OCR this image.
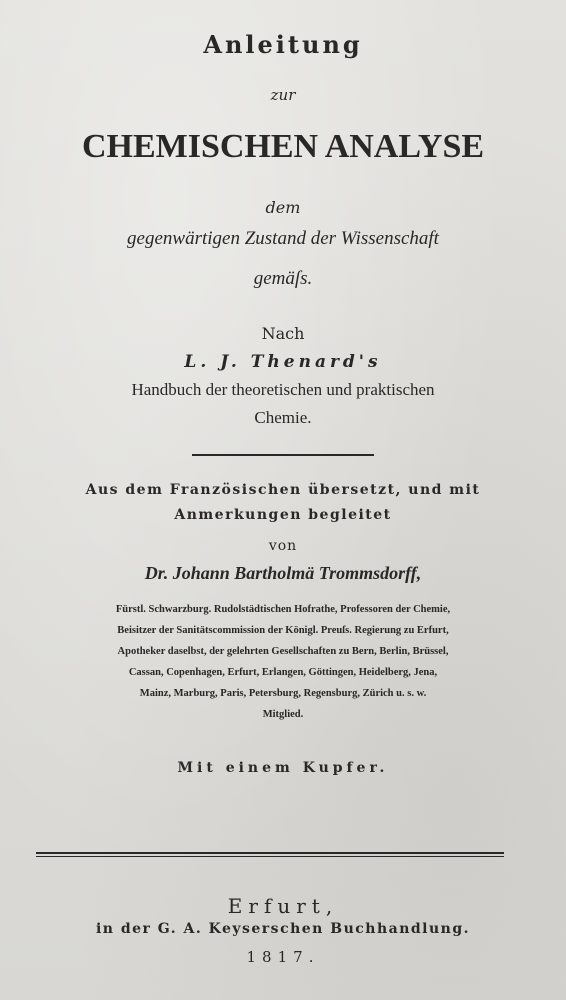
Anleitung
zur
CHEMISCHEN ANALYSE
dem
gegenwärtigen Zustand der Wissenschaft
gemäſs.
Nach
L. J. Thenard's
Handbuch der theoretischen und praktischen
Chemie.
Aus dem Französischen übersetzt, und mit
Anmerkungen begleitet
von
Dr. Johann Bartholmä Trommsdorff,
Fürstl. Schwarzburg. Rudolstädtischen Hofrathe, Professoren der Chemie,
Beisitzer der Sanitätscommission der Königl. Preuſs. Regierung zu Erfurt,
Apotheker daselbst, der gelehrten Gesellschaften zu Bern, Berlin, Brüssel,
Cassan, Copenhagen, Erfurt, Erlangen, Göttingen, Heidelberg, Jena,
Mainz, Marburg, Paris, Petersburg, Regensburg, Zürich u. s. w.
Mitglied.
Mit einem Kupfer.
Erfurt,
in der G. A. Keyserschen Buchhandlung.
1817.
